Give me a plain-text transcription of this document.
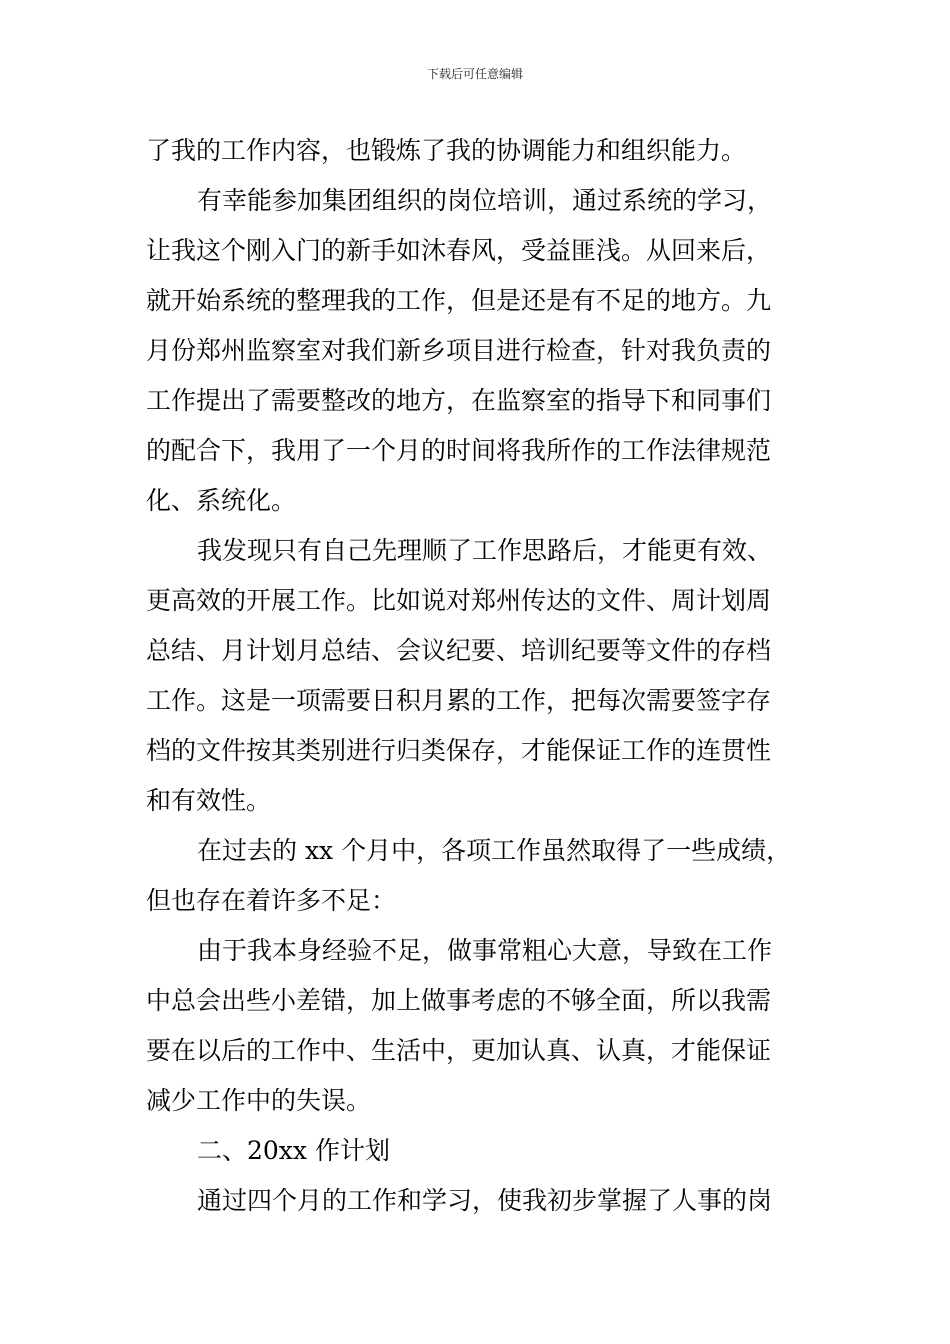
下载后可任意编辑
了我的工作内容，也锻炼了我的协调能力和组织能力。
有幸能参加集团组织的岗位培训，通过系统的学习，
让我这个刚入门的新手如沐春风，受益匪浅。从回来后，
就开始系统的整理我的工作，但是还是有不足的地方。九
月份郑州监察室对我们新乡项目进行检查，针对我负责的
工作提出了需要整改的地方，在监察室的指导下和同事们
的配合下，我用了一个月的时间将我所作的工作法律规范
化、系统化。
我发现只有自己先理顺了工作思路后，才能更有效、
更高效的开展工作。比如说对郑州传达的文件、周计划周
总结、月计划月总结、会议纪要、培训纪要等文件的存档
工作。这是一项需要日积月累的工作，把每次需要签字存
档的文件按其类别进行归类保存，才能保证工作的连贯性
和有效性。
在过去的 xx 个月中，各项工作虽然取得了一些成绩，
但也存在着许多不足：
由于我本身经验不足，做事常粗心大意，导致在工作
中总会出些小差错，加上做事考虑的不够全面，所以我需
要在以后的工作中、生活中，更加认真、认真，才能保证
减少工作中的失误。
二、20xx 作计划
通过四个月的工作和学习，使我初步掌握了人事的岗
